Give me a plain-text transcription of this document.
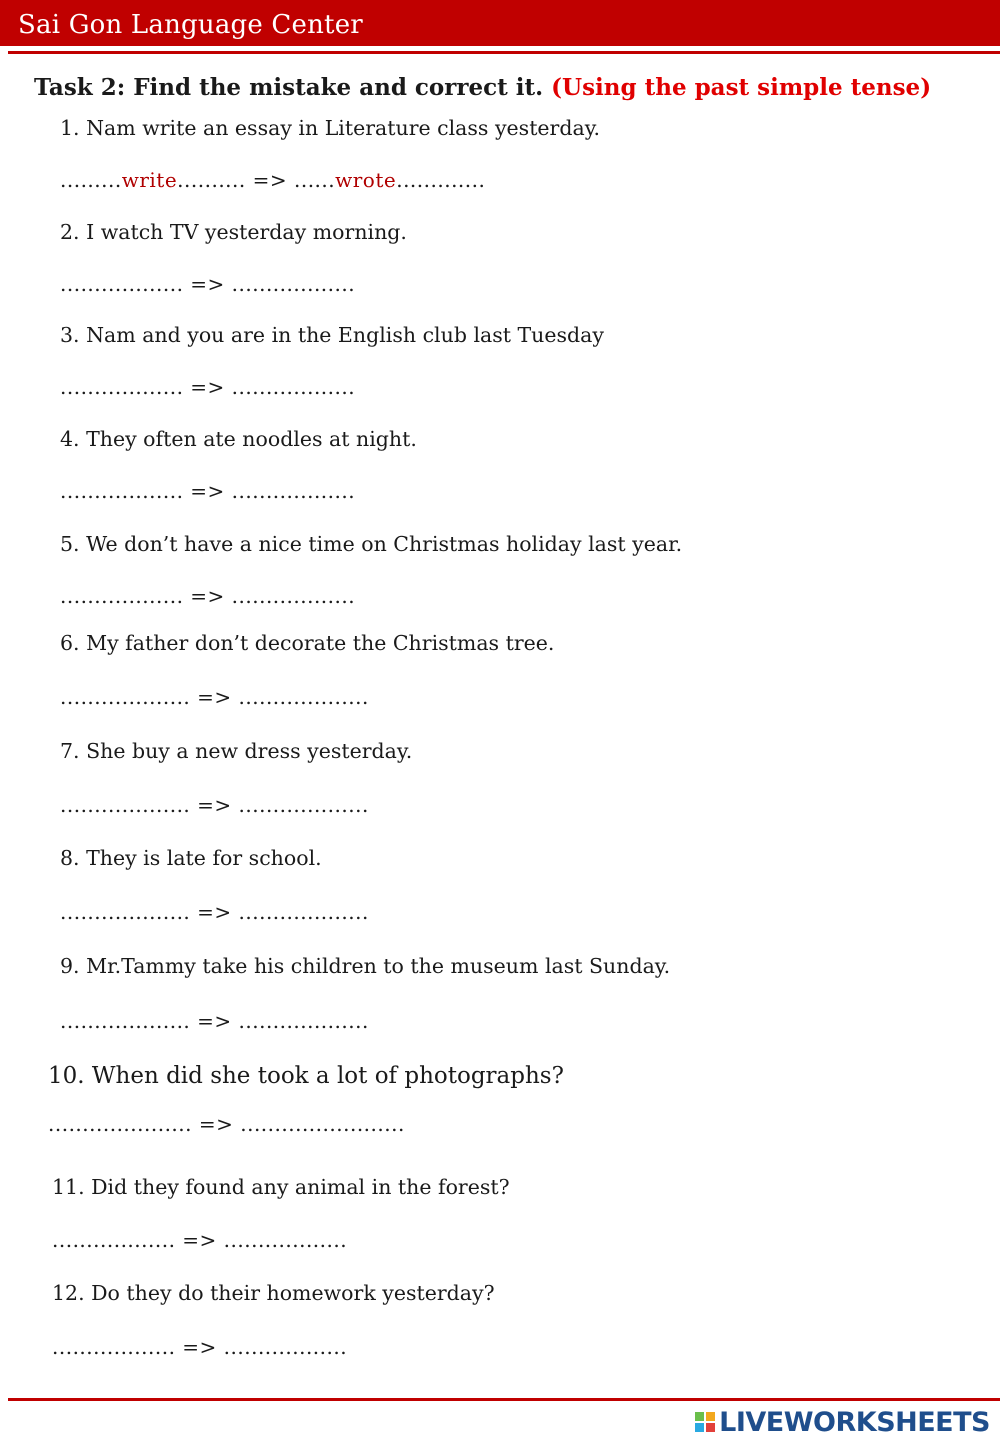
Sai Gon Language Center
Task 2: Find the mistake and correct it. (Using the past simple tense)
1. Nam write an essay in Literature class yesterday.
.........write.......... => ......wrote.............
2. I watch TV yesterday morning.
.................. => ..................
3. Nam and you are in the English club last Tuesday
.................. => ..................
4. They often ate noodles at night.
.................. => ..................
5. We don’t have a nice time on Christmas holiday last year.
.................. => ..................
6. My father don’t decorate the Christmas tree.
................... => ...................
7. She buy a new dress yesterday.
................... => ...................
8. They is late for school.
................... => ...................
9. Mr.Tammy take his children to the museum last Sunday.
................... => ...................
10. When did she took a lot of photographs?
..................... => ........................
11. Did they found any animal in the forest?
.................. => ..................
12. Do they do their homework yesterday?
.................. => ..................
LIVEWORKSHEETS
